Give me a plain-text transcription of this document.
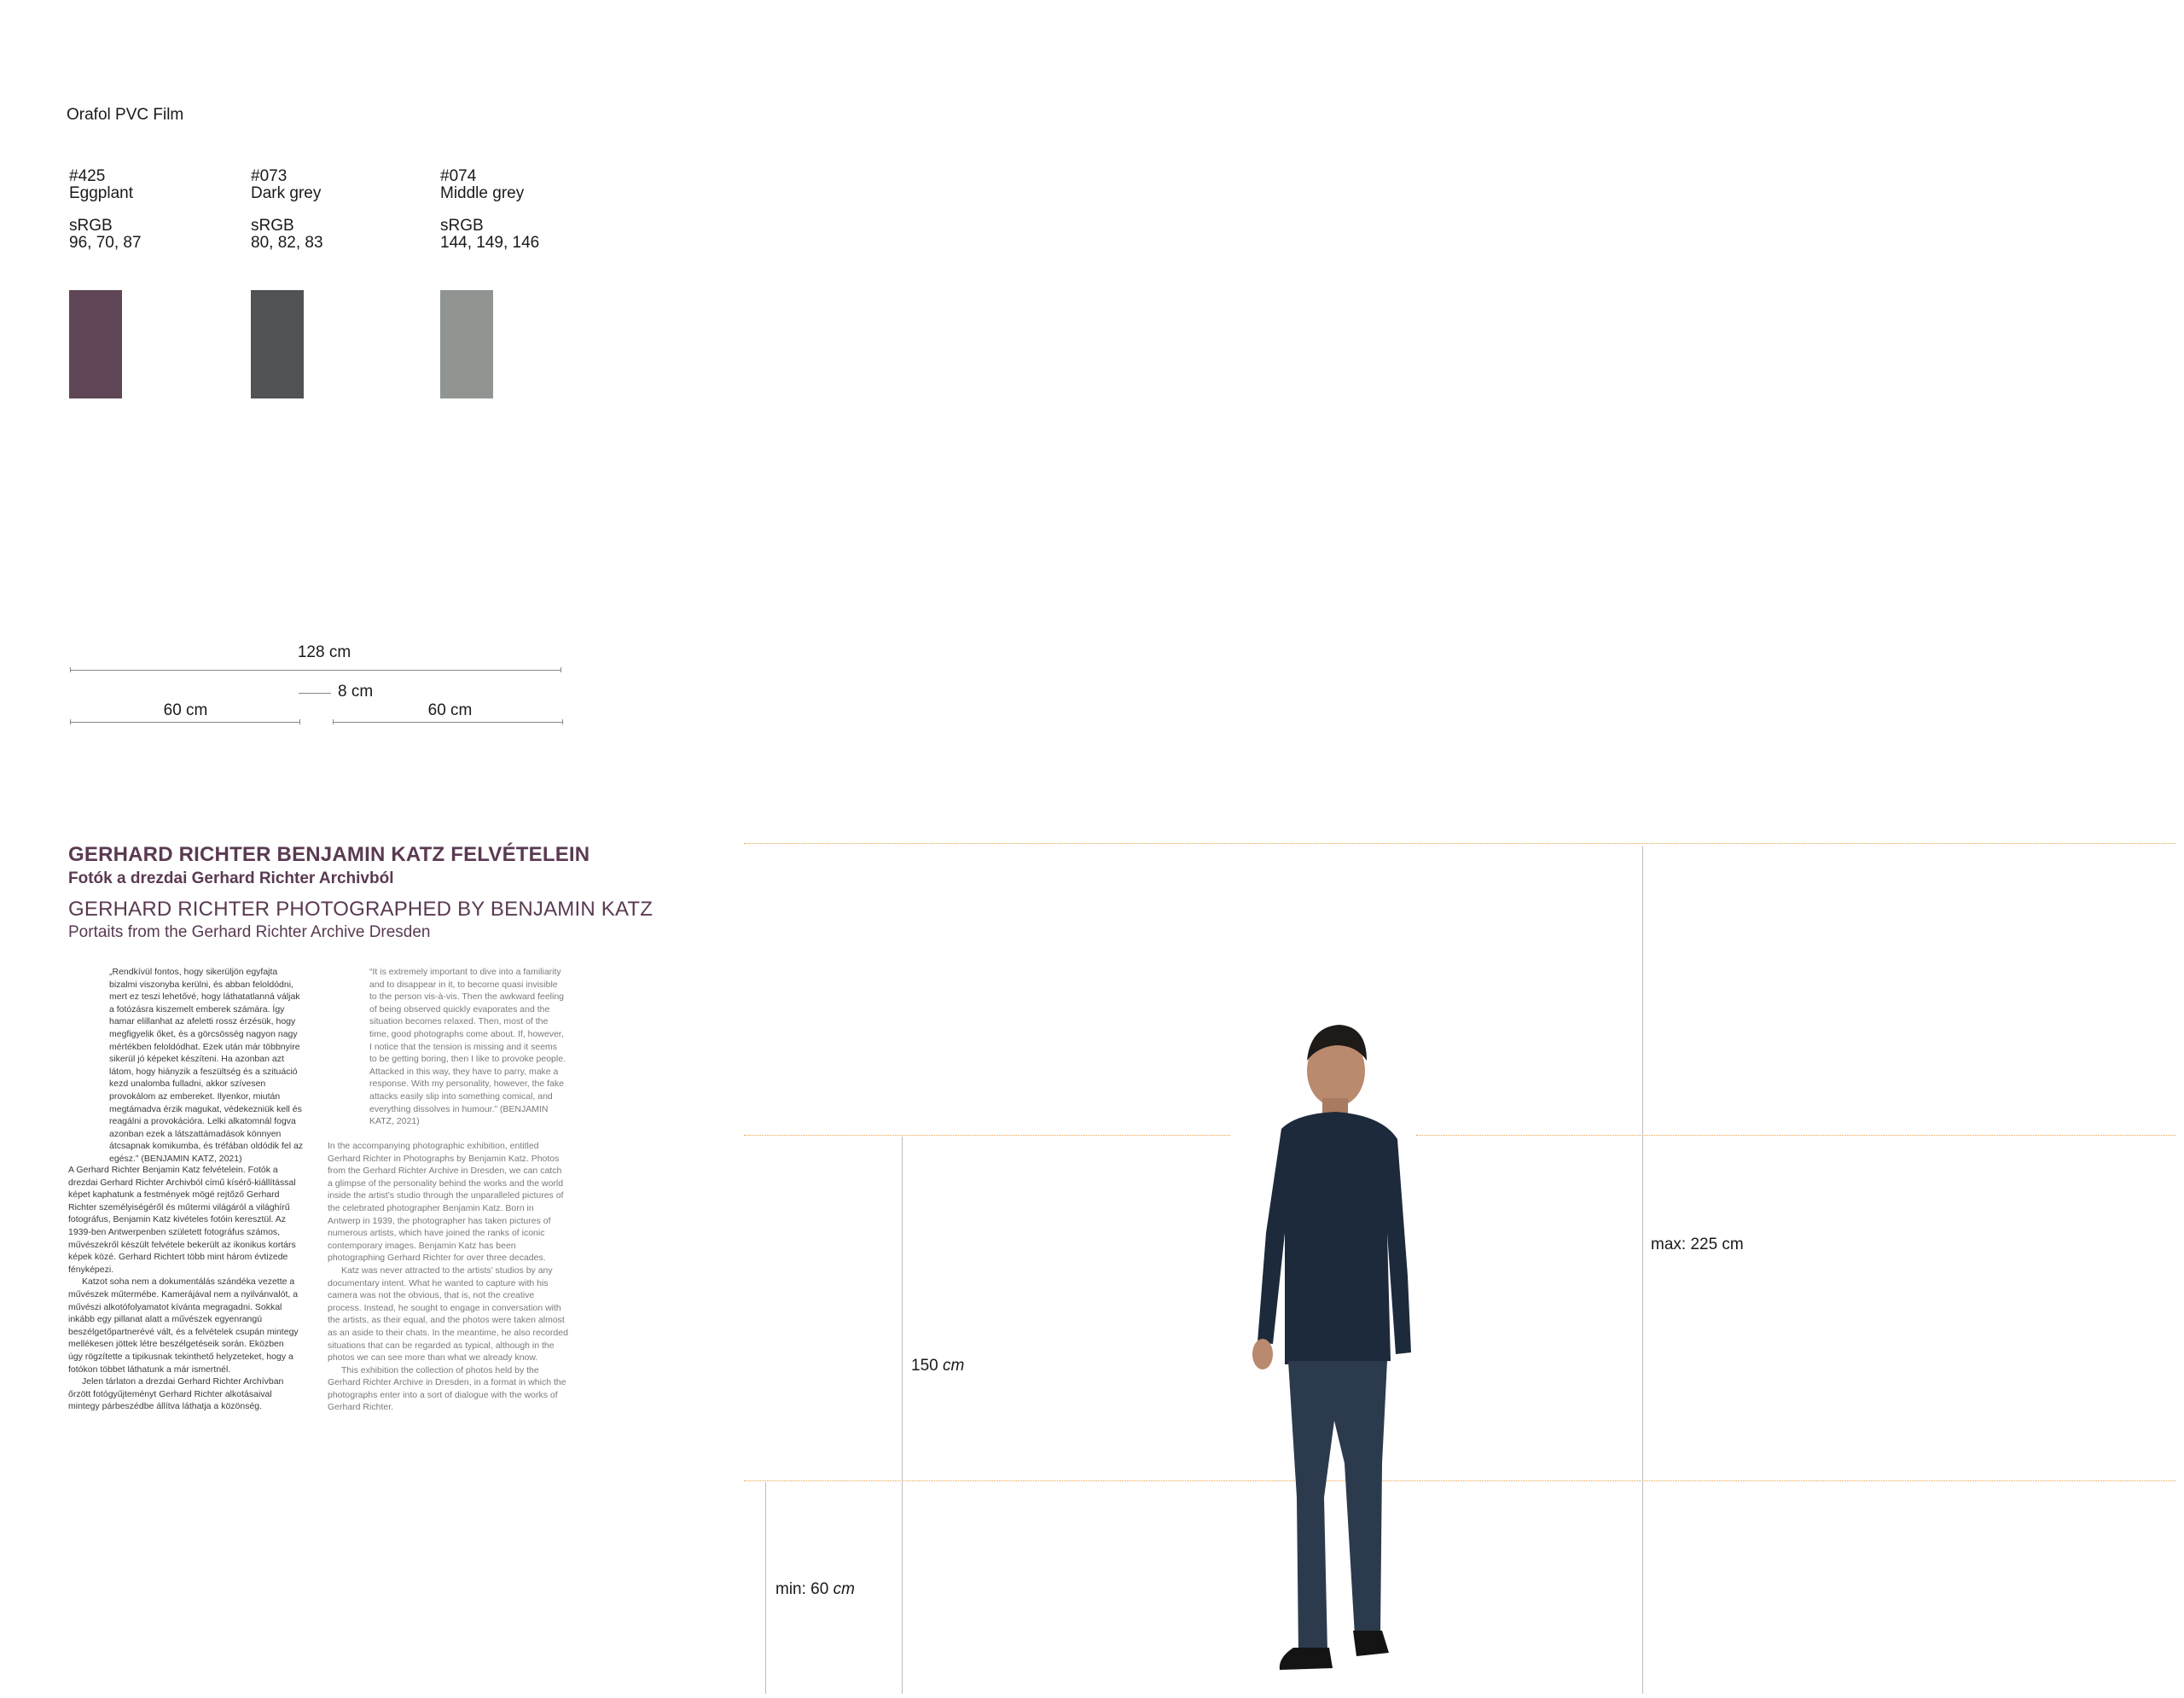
Orafol PVC Film
#425
Eggplant
sRGB
96, 70, 87
#073
Dark grey
sRGB
80, 82, 83
#074
Middle grey
sRGB
144, 149, 146
128 cm
8 cm
60 cm	60 cm
GERHARD RICHTER BENJAMIN KATZ FELVÉTELEIN
Fotók a drezdai Gerhard Richter Archivból
GERHARD RICHTER PHOTOGRAPHED BY BENJAMIN KATZ
Portaits from the Gerhard Richter Archive Dresden

„Rendkívül fontos, hogy sikerüljön egyfajta bizalmi viszonyba kerülni, és abban feloldódni, mert ez teszi lehetővé, hogy láthatatlanná váljak a fotózásra kiszemelt emberek számára. Így hamar elillanhat az afeletti rossz érzésük, hogy megfigyelik őket, és a görcsösség nagyon nagy mértékben feloldódhat. Ezek után már többnyire sikerül jó képeket készíteni. Ha azonban azt látom, hogy hiányzik a feszültség és a szituáció kezd unalomba fulladni, akkor szívesen provokálom az embereket. Ilyenkor, miután megtámadva érzik magukat, védekezniük kell és reagálni a provokációra. Lelki alkatomnál fogva azonban ezek a látszattámadások könnyen átcsapnak komikumba, és tréfában oldódik fel az egész.” (BENJAMIN KATZ, 2021)

A Gerhard Richter Benjamin Katz felvételein. Fotók a drezdai Gerhard Richter Archivból című kísérő-kiállítással képet kaphatunk a festmények mögé rejtőző Gerhard Richter személyiségéről és műtermi világáról a világhírű fotográfus, Benjamin Katz kivételes fotóin keresztül. Az 1939-ben Antwerpenben született fotográfus számos, művészekről készült felvétele bekerült az ikonikus kortárs képek közé. Gerhard Richtert több mint három évtizede fényképezi.

Katzot soha nem a dokumentálás szándéka vezette a művészek műtermébe. Kamerájával nem a nyilvánvalót, a művészi alkotófolyamatot kívánta megragadni. Sokkal inkább egy pillanat alatt a művészek egyenrangú beszélgetőpartnerévé vált, és a felvételek csupán mintegy mellékesen jöttek létre beszélgetéseik során. Eközben úgy rögzítette a tipikusnak tekinthető helyzeteket, hogy a fotókon többet láthatunk a már ismertnél.

Jelen tárlaton a drezdai Gerhard Richter Archívban őrzött fotógyűjteményt Gerhard Richter alkotásaival mintegy párbeszédbe állítva láthatja a közönség.

“It is extremely important to dive into a familiarity and to disappear in it, to become quasi invisible to the person vis-à-vis. Then the awkward feeling of being observed quickly evaporates and the situation becomes relaxed. Then, most of the time, good photographs come about. If, however, I notice that the tension is missing and it seems to be getting boring, then I like to provoke people. Attacked in this way, they have to parry, make a response. With my personality, however, the fake attacks easily slip into something comical, and everything dissolves in humour.” (BENJAMIN KATZ, 2021)

In the accompanying photographic exhibition, entitled Gerhard Richter in Photographs by Benjamin Katz. Photos from the Gerhard Richter Archive in Dresden, we can catch a glimpse of the personality behind the works and the world inside the artist’s studio through the unparalleled pictures of the celebrated photographer Benjamin Katz. Born in Antwerp in 1939, the photographer has taken pictures of numerous artists, which have joined the ranks of iconic contemporary images. Benjamin Katz has been photographing Gerhard Richter for over three decades.

Katz was never attracted to the artists’ studios by any documentary intent. What he wanted to capture with his camera was not the obvious, that is, not the creative process. Instead, he sought to engage in conversation with the artists, as their equal, and the photos were taken almost as an aside to their chats. In the meantime, he also recorded situations that can be regarded as typical, although in the photos we can see more than what we already know.

This exhibition the collection of photos held by the Gerhard Richter Archive in Dresden, in a format in which the photographs enter into a sort of dialogue with the works of Gerhard Richter.

max: 225 cm
150 cm
min: 60 cm
